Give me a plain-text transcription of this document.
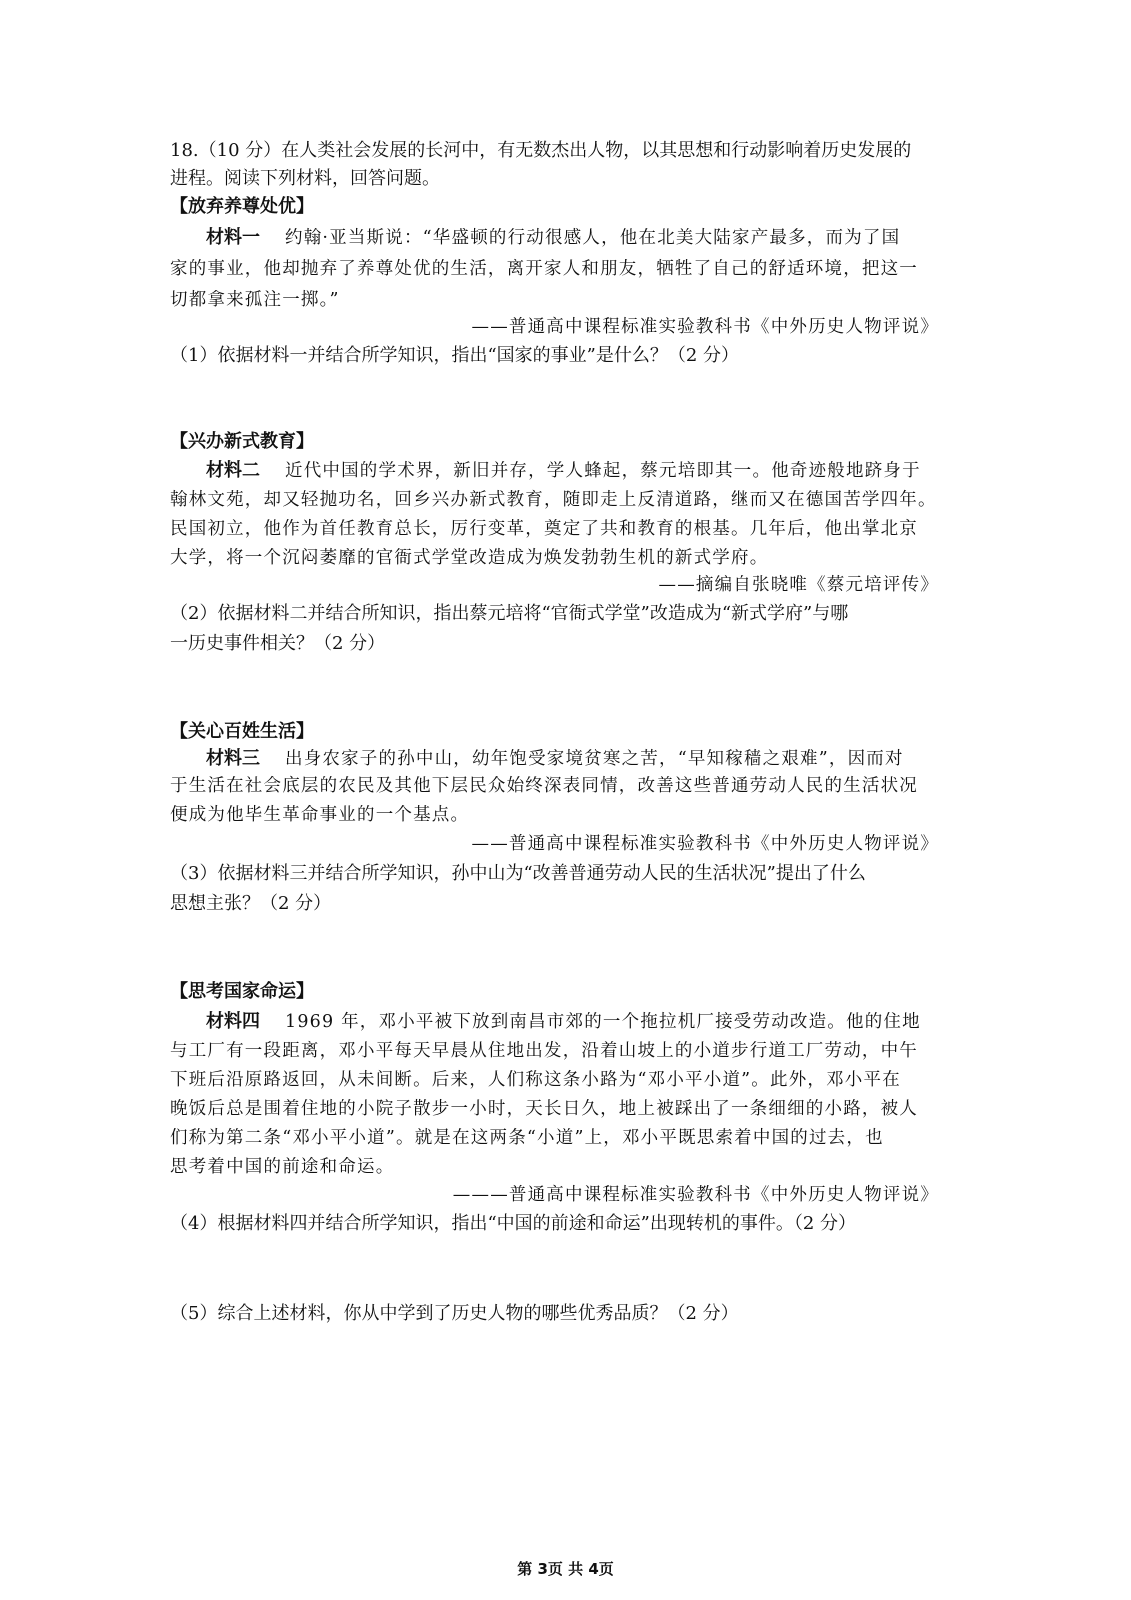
18.（10 分）在人类社会发展的长河中，有无数杰出人物，以其思想和行动影响着历史发展的
进程。阅读下列材料，回答问题。
【放弃养尊处优】
材料一 约翰·亚当斯说：“华盛顿的行动很感人，他在北美大陆家产最多，而为了国
家的事业，他却抛弃了养尊处优的生活，离开家人和朋友，牺牲了自己的舒适环境，把这一
切都拿来孤注一掷。”
——普通高中课程标准实验教科书《中外历史人物评说》
（1）依据材料一并结合所学知识，指出“国家的事业”是什么？（2 分）
【兴办新式教育】
材料二 近代中国的学术界，新旧并存，学人蜂起，蔡元培即其一。他奇迹般地跻身于
翰林文苑，却又轻抛功名，回乡兴办新式教育，随即走上反清道路，继而又在德国苦学四年。
民国初立，他作为首任教育总长，厉行变革，奠定了共和教育的根基。几年后，他出掌北京
大学，将一个沉闷萎靡的官衙式学堂改造成为焕发勃勃生机的新式学府。
——摘编自张晓唯《蔡元培评传》
（2）依据材料二并结合所知识，指出蔡元培将“官衙式学堂”改造成为“新式学府”与哪
一历史事件相关？（2 分）
【关心百姓生活】
材料三 出身农家子的孙中山，幼年饱受家境贫寒之苦，“早知稼穑之艰难”，因而对
于生活在社会底层的农民及其他下层民众始终深表同情，改善这些普通劳动人民的生活状况
便成为他毕生革命事业的一个基点。
——普通高中课程标准实验教科书《中外历史人物评说》
（3）依据材料三并结合所学知识，孙中山为“改善普通劳动人民的生活状况”提出了什么
思想主张？（2 分）
【思考国家命运】
材料四 1969 年，邓小平被下放到南昌市郊的一个拖拉机厂接受劳动改造。他的住地
与工厂有一段距离，邓小平每天早晨从住地出发，沿着山坡上的小道步行道工厂劳动，中午
下班后沿原路返回，从未间断。后来，人们称这条小路为“邓小平小道”。此外，邓小平在
晚饭后总是围着住地的小院子散步一小时，天长日久，地上被踩出了一条细细的小路，被人
们称为第二条“邓小平小道”。就是在这两条“小道”上，邓小平既思索着中国的过去，也
思考着中国的前途和命运。
———普通高中课程标准实验教科书《中外历史人物评说》
（4）根据材料四并结合所学知识，指出“中国的前途和命运”出现转机的事件。（2 分）
（5）综合上述材料，你从中学到了历史人物的哪些优秀品质？（2 分）
第 3页 共 4页
